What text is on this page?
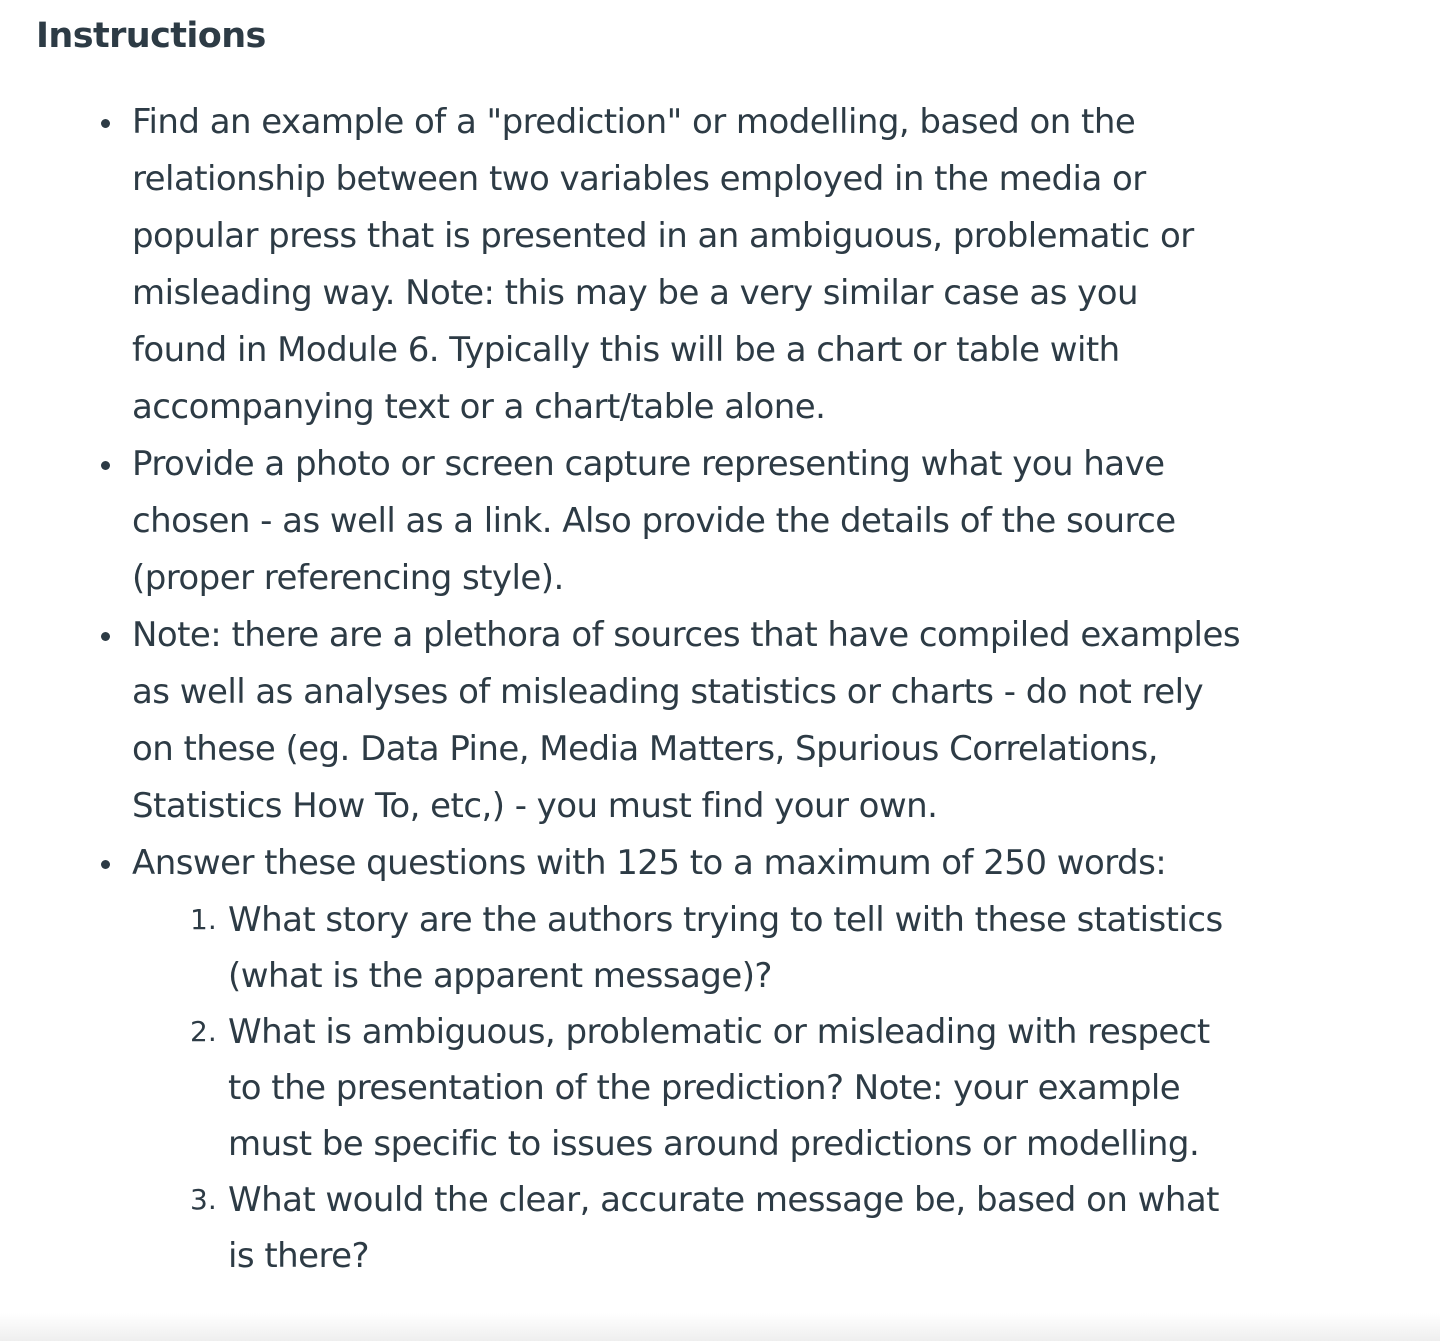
Instructions
Find an example of a "prediction" or modelling, based on the relationship between two variables employed in the media or popular press that is presented in an ambiguous, problematic or misleading way. Note: this may be a very similar case as you found in Module 6. Typically this will be a chart or table with accompanying text or a chart/table alone.
Provide a photo or screen capture representing what you have chosen - as well as a link. Also provide the details of the source (proper referencing style).
Note: there are a plethora of sources that have compiled examples as well as analyses of misleading statistics or charts - do not rely on these (eg. Data Pine, Media Matters, Spurious Correlations, Statistics How To, etc,) - you must find your own.
Answer these questions with 125 to a maximum of 250 words:
1. What story are the authors trying to tell with these statistics (what is the apparent message)?
2. What is ambiguous, problematic or misleading with respect to the presentation of the prediction? Note: your example must be specific to issues around predictions or modelling.
3. What would the clear, accurate message be, based on what is there?
